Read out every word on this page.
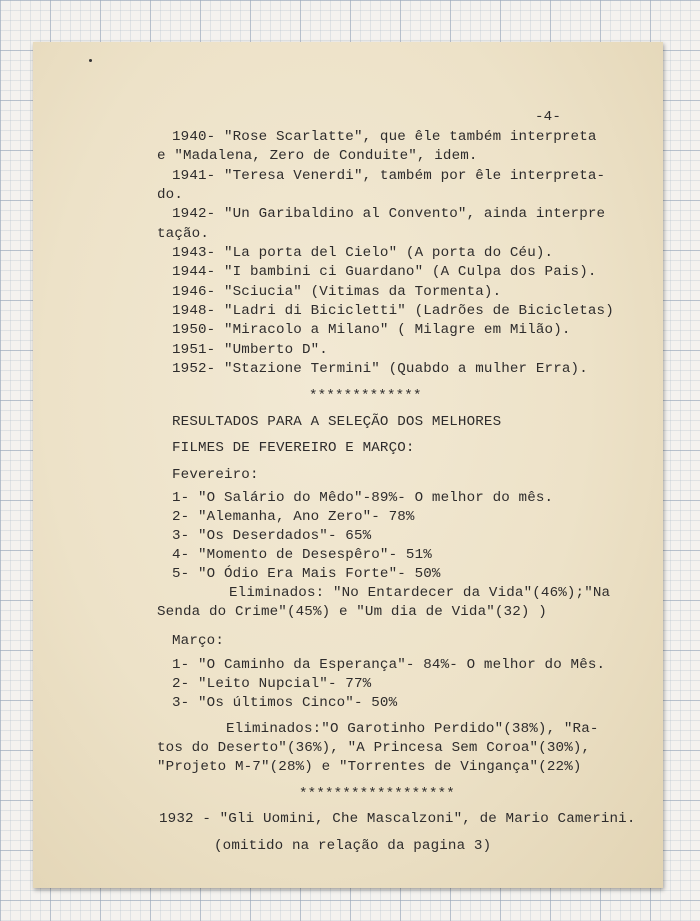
-4-

1940- "Rose Scarlatte", que êle também interpreta

e "Madalena, Zero de Conduite", idem.

1941- "Teresa Venerdi", também por êle interpreta-

do.

1942- "Un Garibaldino al Convento", ainda interpre

tação.

1943- "La porta del Cielo" (A porta do Céu).

1944- "I bambini ci Guardano" (A Culpa dos Pais).

1946- "Sciucia" (Vitimas da Tormenta).

1948- "Ladri di Bicicletti" (Ladrões de Bicicletas)

1950- "Miracolo a Milano" ( Milagre em Milão).

1951- "Umberto D".

1952- "Stazione Termini" (Quabdo a mulher Erra).

*************

RESULTADOS PARA A SELEÇÃO DOS MELHORES

FILMES DE FEVEREIRO E MARÇO:

Fevereiro:

1- "O Salário do Mêdo"-89%- O melhor do mês.

2- "Alemanha, Ano Zero"- 78%

3- "Os Deserdados"- 65%

4- "Momento de Desespêro"- 51%

5- "O Ódio Era Mais Forte"- 50%

Eliminados: "No Entardecer da Vida"(46%);"Na

Senda do Crime"(45%) e "Um dia de Vida"(32) )

Março:

1- "O Caminho da Esperança"- 84%- O melhor do Mês.

2- "Leito Nupcial"- 77%

3- "Os últimos Cinco"- 50%

Eliminados:"O Garotinho Perdido"(38%), "Ra-

tos do Deserto"(36%), "A Princesa Sem Coroa"(30%),

"Projeto M-7"(28%) e "Torrentes de Vingança"(22%)

******************

1932 - "Gli Uomini, Che Mascalzoni", de Mario Camerini.

(omitido na relação da pagina 3)
